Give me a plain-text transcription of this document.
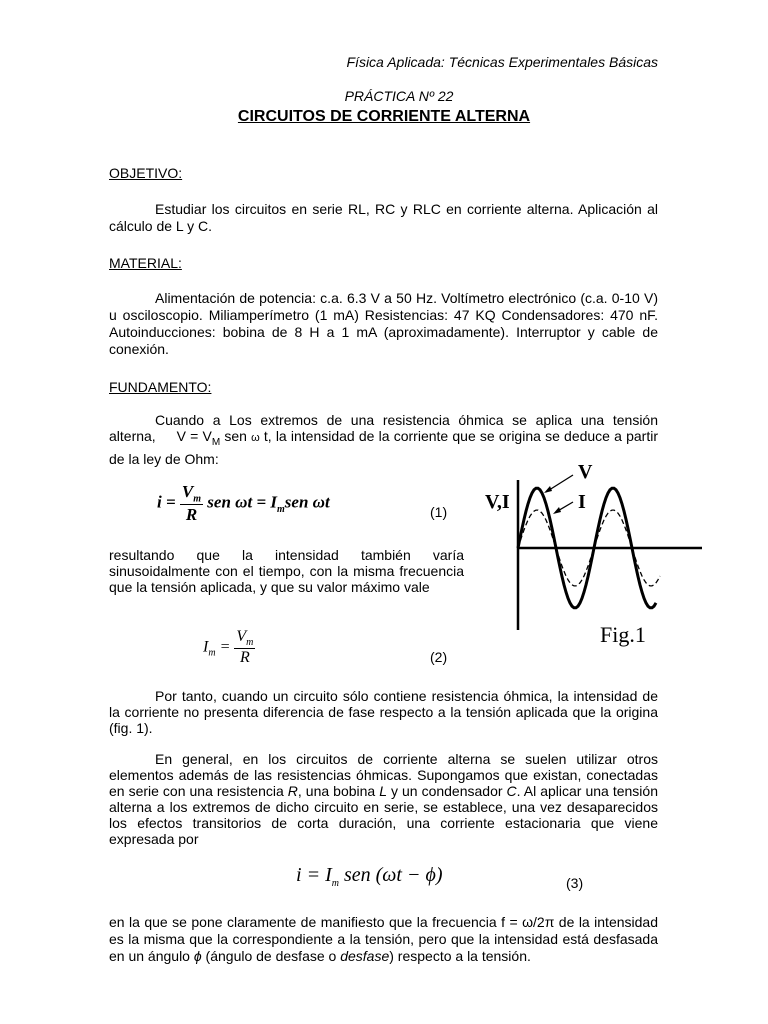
Física Aplicada: Técnicas Experimentales Básicas
PRÁCTICA Nº 22
CIRCUITOS DE CORRIENTE ALTERNA
OBJETIVO:
Estudiar los circuitos en serie RL, RC y RLC en corriente alterna. Aplicación al cálculo de L y C.
MATERIAL:
Alimentación de potencia: c.a. 6.3 V a 50 Hz. Voltímetro electrónico (c.a. 0-10 V) u osciloscopio. Miliamperímetro (1 mA) Resistencias: 47 KQ Condensadores: 470 nF. Autoinducciones: bobina de 8 H a 1 mA (aproximadamente). Interruptor y cable de conexión.
FUNDAMENTO:
Cuando a Los extremos de una resistencia óhmica se aplica una tensión alterna, $V = V_M$ sen ω t, la intensidad de la corriente que se origina se deduce a partir de la ley de Ohm:
$i = \frac{V_m}{R}$ sen $\omega t = I_msen$ ωt
(1)
resultando que la intensidad también varía sinusoidalmente con el tiempo, con la misma frecuencia que la tensión aplicada, y que su valor máximo vale
$I_m = \frac{V_m}{R}$	(2)
V
I
V,I
Fig.1
Por tanto, cuando un circuito sólo contiene resistencia óhmica, la intensidad de la corriente no presenta diferencia de fase respecto a la tensión aplicada que la origina (fig. 1).
En general, en los circuitos de corriente alterna se suelen utilizar otros elementos además de las resistencias óhmicas. Supongamos que existan, conectadas en serie con una resistencia R, una bobina L y un condensador C. Al aplicar una tensión alterna a los extremos de dicho circuito en serie, se establece, una vez desaparecidos los efectos transitorios de corta duración, una corriente estacionaria que viene expresada por
$i = I_m$ sen (ωt − ϕ)	(3)
en la que se pone claramente de manifiesto que la frecuencia f = ω/2π de la intensidad es la misma que la correspondiente a la tensión, pero que la intensidad está desfasada en un ángulo ϕ (ángulo de desfase o desfase) respecto a la tensión.
